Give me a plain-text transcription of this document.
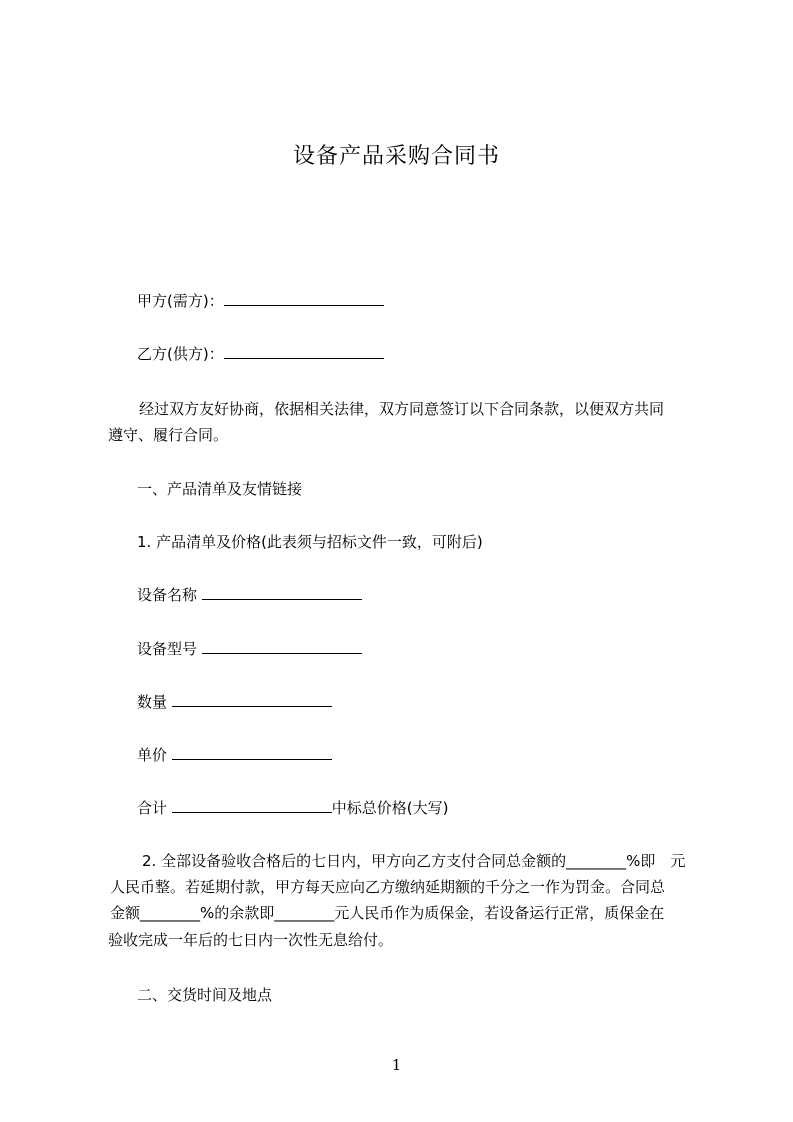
设备产品采购合同书
甲方(需方)：
乙方(供方)：
经过双方友好协商，依据相关法律，双方同意签订以下合同条款，以便双方共同
遵守、履行合同。
一、产品清单及友情链接
1. 产品清单及价格(此表须与招标文件一致，可附后)
设备名称
设备型号
数量
单价
合计	中标总价格(大写)
2. 全部设备验收合格后的七日内，甲方向乙方支付合同总金额的________%即　元
人民币整。若延期付款，甲方每天应向乙方缴纳延期额的千分之一作为罚金。合同总
金额________%的余款即________元人民币作为质保金，若设备运行正常，质保金在
验收完成一年后的七日内一次性无息给付。
二、交货时间及地点
1
